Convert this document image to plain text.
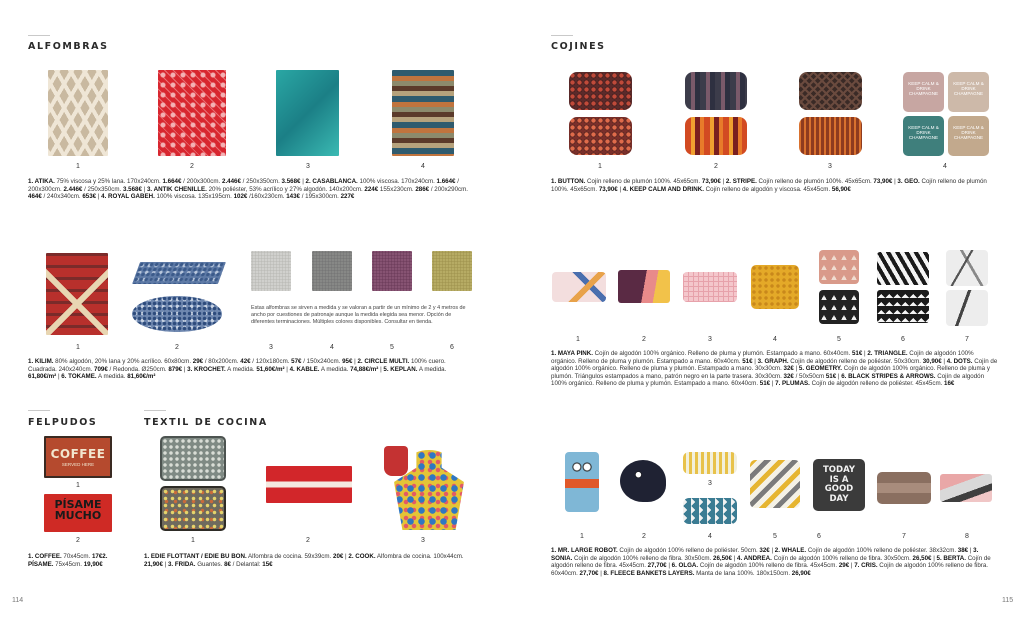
ALFOMBRAS
1	2	3	4
1. ATIKA. 75% viscosa y 25% lana. 170x240cm. 1.664€ / 200x300cm. 2.446€ / 250x350cm. 3.568€ | 2. CASABLANCA. 100% viscosa. 170x240cm. 1.664€ / 200x300cm. 2.446€ / 250x350cm. 3.568€ | 3. ANTIK CHENILLE. 20% poliéster, 53% acrílico y 27% algodón. 140x200cm. 224€ 155x230cm. 286€ / 200x290cm. 464€ / 240x340cm. 653€ | 4. ROYAL GABEH. 100% viscosa. 135x195cm. 102€ /160x230cm. 143€ / 195x300cm. 227€
Estas alfombras se sirven a medida y se valoran a partir de un mínimo de 2 y 4 metros de ancho por cuestiones de patronaje aunque la medida elegida sea menor. Opción de diferentes terminaciones. Múltiples colores disponibles. Consultar en tienda.
1	2	3	4	5	6
1. KILIM. 80% algodón, 20% lana y 20% acrílico. 60x80cm. 29€ / 80x200cm. 42€ / 120x180cm. 57€ / 150x240cm. 95€ | 2. CIRCLE MULTI. 100% cuero. Cuadrada. 240x240cm. 709€ / Redonda. Ø250cm. 879€ | 3. KROCHET. A medida. 51,60€/m² | 4. KABLE. A medida. 74,88€/m² | 5. KEPLAN. A medida. 61,80€/m² | 6. TOKAME. A medida. 81,60€/m²
FELPUDOS
COFFEE
SERVED HERE
1
PÍSAME
MUCHO
2
1. COFFEE. 70x45cm. 17€2. PÍSAME. 75x45cm. 19,90€
TEXTIL DE COCINA
1	2	3
1. EDIE FLOTTANT / EDIE BU BON. Alfombra de cocina. 59x39cm. 20€ | 2. COOK. Alfombra de cocina. 100x44cm. 21,90€ | 3. FRIDA. Guantes. 8€ / Delantal: 15€
114
COJINES
KEEP CALM & DRINK CHAMPAGNE
KEEP CALM & DRINK CHAMPAGNE
KEEP CALM & DRINK CHAMPAGNE
KEEP CALM & DRINK CHAMPAGNE
1	2	3	4
1. BUTTON. Cojín relleno de plumón 100%. 45x65cm. 73,90€ | 2. STRIPE. Cojín relleno de plumón 100%. 45x65cm. 73,90€ | 3. GEO. Cojín relleno de plumón 100%. 45x65cm. 73,90€ | 4. KEEP CALM AND DRINK. Cojín relleno de algodón y viscosa. 45x45cm. 56,90€
1	2	3	4	5	6	7
1. MAYA PINK. Cojín de algodón 100% orgánico. Relleno de pluma y plumón. Estampado a mano. 60x40cm. 51€ | 2. TRIANGLE. Cojín de algodón 100% orgánico. Relleno de pluma y plumón. Estampado a mano. 60x40cm. 51€ | 3. GRAPH. Cojín de algodón relleno de poliéster. 50x30cm. 30,90€ | 4. DOTS. Cojín de algodón 100% orgánico. Relleno de pluma y plumón. Estampado a mano. 30x30cm. 32€ | 5. GEOMETRY. Cojín de algodón 100% orgánico. Relleno de pluma y plumón. Triángulos estampados a mano, patrón negro en la parte trasera. 30x30cm. 32€ / 50x50cm 51€ | 6. BLACK STRIPES & ARROWS. Cojín de algodón 100% orgánico. Relleno de pluma y plumón. Estampado a mano. 60x40cm. 51€ | 7. PLUMAS. Cojín de algodón relleno de poliéster. 45x45cm. 16€
TODAY IS A GOOD DAY
1	2
3
4	5	6	7	8
1. MR. LARGE ROBOT. Cojín de algodón 100% relleno de poliéster. 50cm. 32€ | 2. WHALE. Cojín de algodón 100% relleno de poliéster. 38x32cm. 38€ | 3. SONIA. Cojín de algodón 100% relleno de fibra. 30x50cm. 26,50€ | 4. ANDREA. Cojín de algodón 100% relleno de fibra. 30x50cm. 26,50€ | 5. BERTA. Cojín de algodón relleno de fibra. 45x45cm. 27,70€ | 6. OLGA. Cojín de algodón 100% relleno de fibra. 45x45cm. 29€ | 7. CRIS. Cojín de algodón 100% relleno de fibra. 60x40cm. 27,70€ | 8. FLEECE BANKETS LAYERS. Manta de lana 100%. 180x150cm. 26,90€
115
